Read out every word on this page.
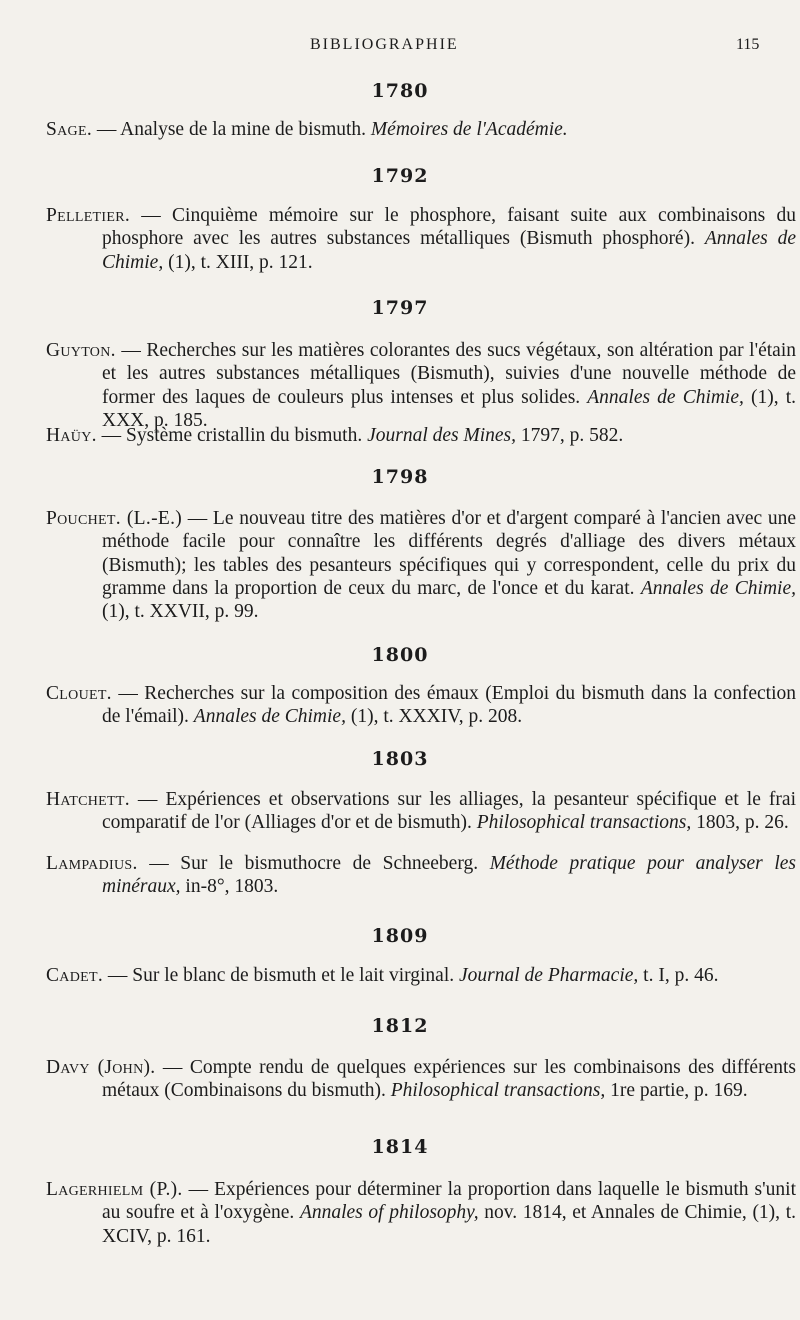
BIBLIOGRAPHIE	115
1780
Sage. — Analyse de la mine de bismuth. Mémoires de l'Académie.
1792
Pelletier. — Cinquième mémoire sur le phosphore, faisant suite aux combinaisons du phosphore avec les autres substances métalliques (Bismuth phosphoré). Annales de Chimie, (1), t. XIII, p. 121.
1797
Guyton. — Recherches sur les matières colorantes des sucs végétaux, son altération par l'étain et les autres substances métalliques (Bismuth), suivies d'une nouvelle méthode de former des laques de couleurs plus intenses et plus solides. Annales de Chimie, (1), t. XXX, p. 185.
Haüy. — Système cristallin du bismuth. Journal des Mines, 1797, p. 582.
1798
Pouchet. (L.-E.) — Le nouveau titre des matières d'or et d'argent comparé à l'ancien avec une méthode facile pour connaître les différents degrés d'alliage des divers métaux (Bismuth); les tables des pesanteurs spécifiques qui y correspondent, celle du prix du gramme dans la proportion de ceux du marc, de l'once et du karat. Annales de Chimie, (1), t. XXVII, p. 99.
1800
Clouet. — Recherches sur la composition des émaux (Emploi du bismuth dans la confection de l'émail). Annales de Chimie, (1), t. XXXIV, p. 208.
1803
Hatchett. — Expériences et observations sur les alliages, la pesanteur spécifique et le frai comparatif de l'or (Alliages d'or et de bismuth). Philosophical transactions, 1803, p. 26.
Lampadius. — Sur le bismuthocre de Schneeberg. Méthode pratique pour analyser les minéraux, in-8°, 1803.
1809
Cadet. — Sur le blanc de bismuth et le lait virginal. Journal de Pharmacie, t. I, p. 46.
1812
Davy (John). — Compte rendu de quelques expériences sur les combinaisons des différents métaux (Combinaisons du bismuth). Philosophical transactions, 1re partie, p. 169.
1814
Lagerhielm (P.). — Expériences pour déterminer la proportion dans laquelle le bismuth s'unit au soufre et à l'oxygène. Annales of philosophy, nov. 1814, et Annales de Chimie, (1), t. XCIV, p. 161.
